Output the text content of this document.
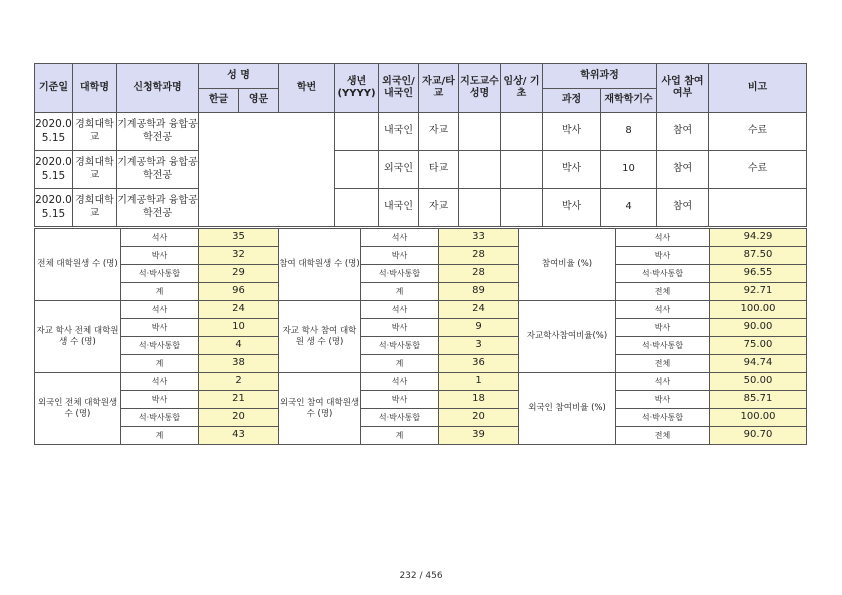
기준일	대학명	신청학과명	성 명		학번	생년 (YYYY)	외국인/ 내국인	자교/타 교	지도교수 성명	임상/ 기초	학위과정		사업 참여 여부	비고
			한글	영문							과정	재학학기수		
2020.0 5.15	경희대학 교	기계공학과 융합공 학전공					내국인	자교			박사	8	참여	수료
2020.0 5.15	경희대학 교	기계공학과 융합공 학전공					외국인	타교			박사	10	참여	수료
2020.0 5.15	경희대학 교	기계공학과 융합공 학전공					내국인	자교			박사	4	참여	
전체 대학원생 수 (명)	석사	35	참여 대학원생 수 (명)	석사	33	참여비율 (%)	석사	94.29
	박사	32		박사	28		박사	87.50
	석·박사통합	29		석·박사통합	28		석·박사통합	96.55
	계	96		계	89		전체	92.71
자교 학사 전체 대학원생 수 (명)	석사	24	자교 학사 참여 대학원 생 수 (명)	석사	24	자교학사참여비율(%)	석사	100.00
	박사	10		박사	9		박사	90.00
	석·박사통합	4		석·박사통합	3		석·박사통합	75.00
	계	38		계	36		전체	94.74
외국인 전체 대학원생 수 (명)	석사	2	외국인 참여 대학원생 수 (명)	석사	1	외국인 참여비율 (%)	석사	50.00
	박사	21		박사	18		박사	85.71
	석·박사통합	20		석·박사통합	20		석·박사통합	100.00
	계	43		계	39		전체	90.70
232 / 456
